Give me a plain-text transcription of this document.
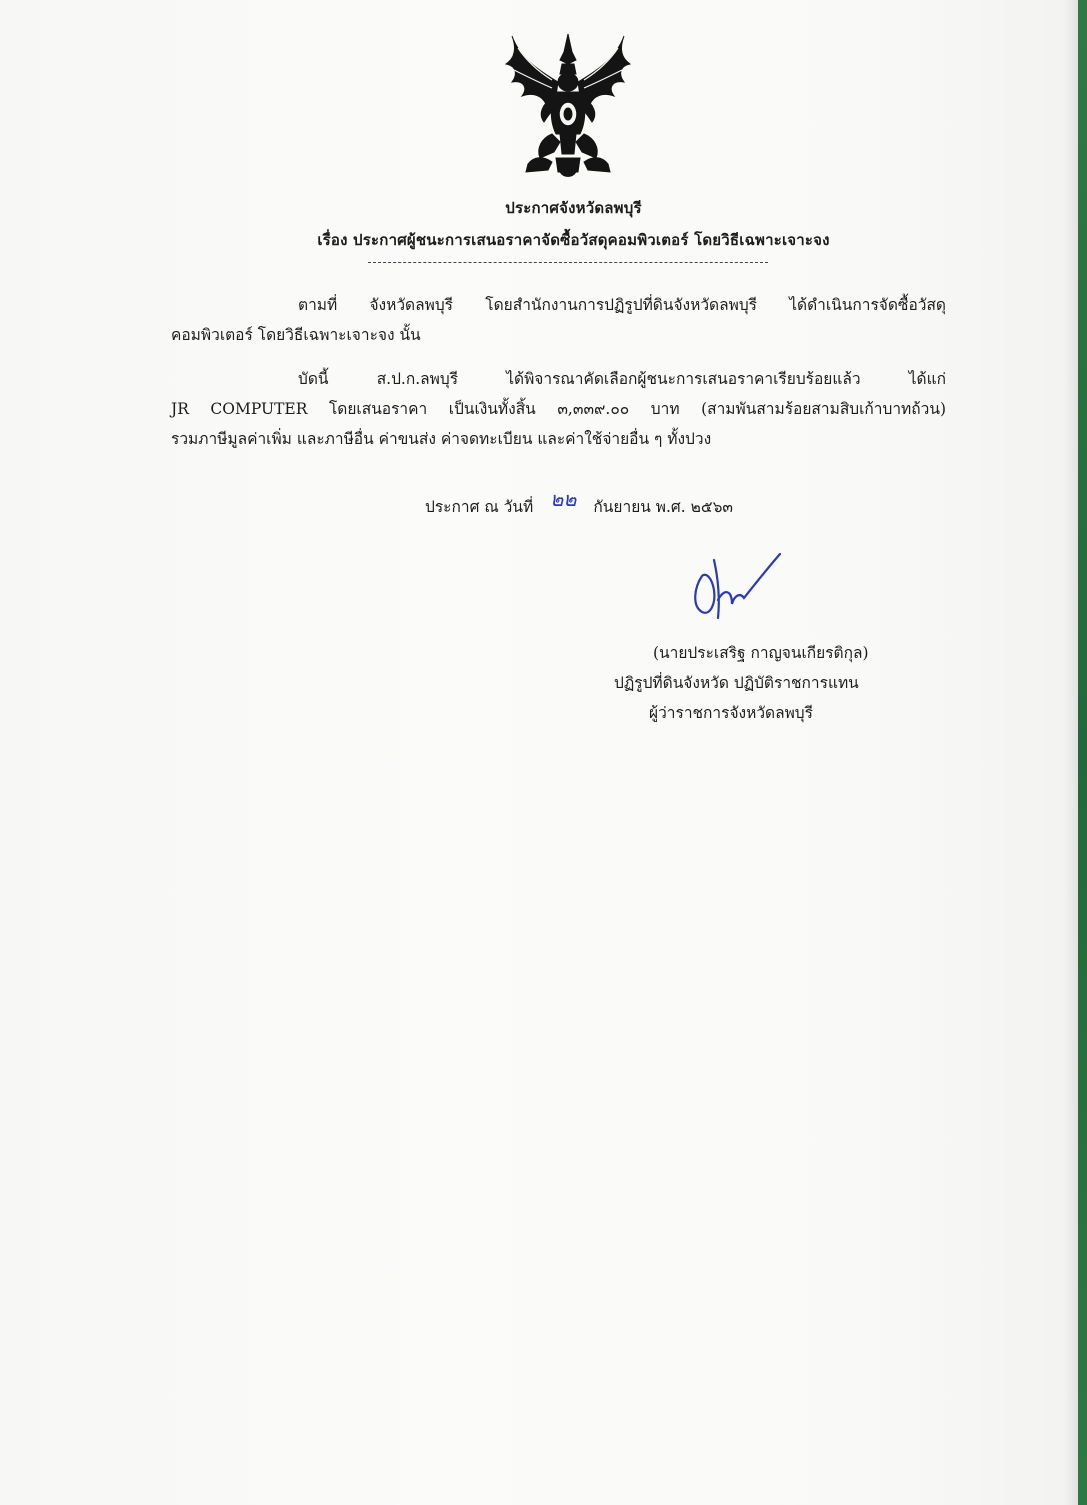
ประกาศจังหวัดลพบุรี
เรื่อง ประกาศผู้ชนะการเสนอราคาจัดซื้อวัสดุคอมพิวเตอร์ โดยวิธีเฉพาะเจาะจง
ตามที่ จังหวัดลพบุรี โดยสำนักงานการปฏิรูปที่ดินจังหวัดลพบุรี ได้ดำเนินการจัดซื้อวัสดุ
คอมพิวเตอร์ โดยวิธีเฉพาะเจาะจง นั้น
บัดนี้ ส.ป.ก.ลพบุรี ได้พิจารณาคัดเลือกผู้ชนะการเสนอราคาเรียบร้อยแล้ว ได้แก่
JR COMPUTER โดยเสนอราคา เป็นเงินทั้งสิ้น ๓,๓๓๙.๐๐ บาท (สามพันสามร้อยสามสิบเก้าบาทถ้วน)
รวมภาษีมูลค่าเพิ่ม และภาษีอื่น ค่าขนส่ง ค่าจดทะเบียน และค่าใช้จ่ายอื่น ๆ ทั้งปวง
ประกาศ ณ วันที่ ๒๒ กันยายน พ.ศ. ๒๕๖๓
(นายประเสริฐ กาญจนเกียรติกุล)
ปฏิรูปที่ดินจังหวัด ปฏิบัติราชการแทน
ผู้ว่าราชการจังหวัดลพบุรี
